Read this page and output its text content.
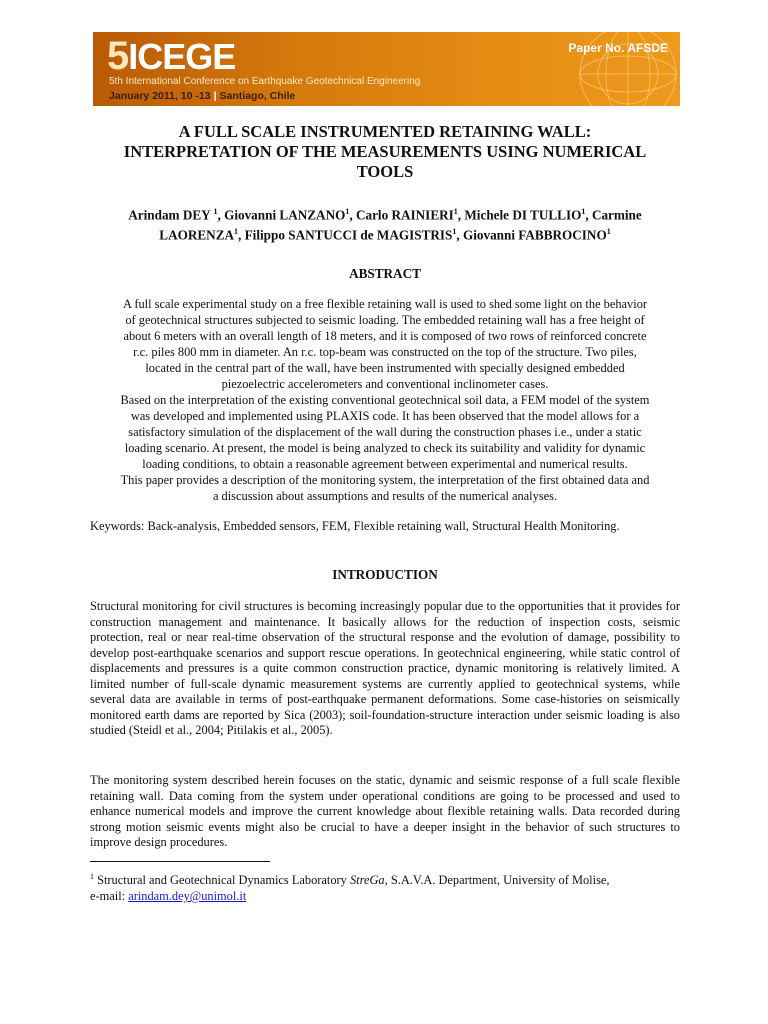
5ICEGE
5th International Conference on Earthquake Geotechnical Engineering
January 2011, 10 -13 | Santiago, Chile
Paper No. AFSDE
A FULL SCALE INSTRUMENTED RETAINING WALL:
INTERPRETATION OF THE MEASUREMENTS USING NUMERICAL
TOOLS
Arindam DEY $^1$, Giovanni LANZANO$^1$, Carlo RAINIERI$^1$, Michele DI TULLIO$^1$, Carmine
LAORENZA$^1$, Filippo SANTUCCI de MAGISTRIS$^1$, Giovanni FABBROCINO$^1$
ABSTRACT
A full scale experimental study on a free flexible retaining wall is used to shed some light on the behavior
of geotechnical structures subjected to seismic loading. The embedded retaining wall has a free height of
about 6 meters with an overall length of 18 meters, and it is composed of two rows of reinforced concrete
r.c. piles 800 mm in diameter. An r.c. top-beam was constructed on the top of the structure. Two piles,
located in the central part of the wall, have been instrumented with specially designed embedded
piezoelectric accelerometers and conventional inclinometer cases.
Based on the interpretation of the existing conventional geotechnical soil data, a FEM model of the system
was developed and implemented using PLAXIS code. It has been observed that the model allows for a
satisfactory simulation of the displacement of the wall during the construction phases i.e., under a static
loading scenario. At present, the model is being analyzed to check its suitability and validity for dynamic
loading conditions, to obtain a reasonable agreement between experimental and numerical results.
This paper provides a description of the monitoring system, the interpretation of the first obtained data and
a discussion about assumptions and results of the numerical analyses.
Keywords: Back-analysis, Embedded sensors, FEM, Flexible retaining wall, Structural Health Monitoring.
INTRODUCTION
Structural monitoring for civil structures is becoming increasingly popular due to the opportunities that it provides for construction management and maintenance. It basically allows for the reduction of inspection costs, seismic protection, real or near real-time observation of the structural response and the evolution of damage, possibility to develop post-earthquake scenarios and support rescue operations. In geotechnical engineering, while static control of displacements and pressures is a quite common construction practice, dynamic monitoring is relatively limited. A limited number of full-scale dynamic measurement systems are currently applied to geotechnical systems, while several data are available in terms of post-earthquake permanent deformations. Some case-histories on seismically monitored earth dams are reported by Sica (2003); soil-foundation-structure interaction under seismic loading is also studied (Steidl et al., 2004; Pitilakis et al., 2005).
The monitoring system described herein focuses on the static, dynamic and seismic response of a full scale flexible retaining wall. Data coming from the system under operational conditions are going to be processed and used to enhance numerical models and improve the current knowledge about flexible retaining walls. Data recorded during strong motion seismic events might also be crucial to have a deeper insight in the behavior of such structures to improve design procedures.
$^1$ Structural and Geotechnical Dynamics Laboratory StreGa, S.A.V.A. Department, University of Molise,
e-mail: arindam.dey@unimol.it
